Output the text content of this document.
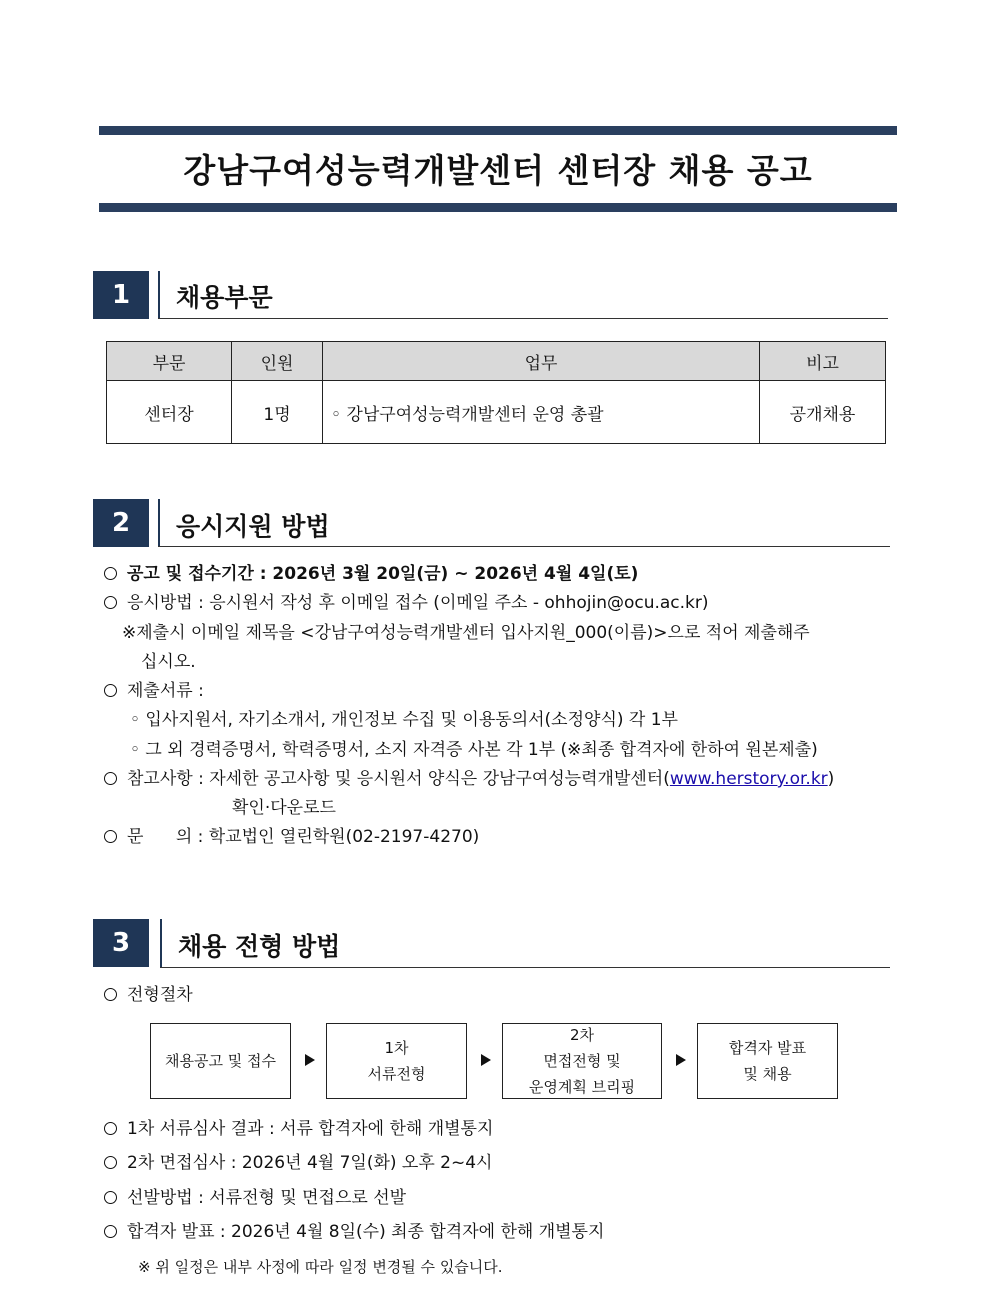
강남구여성능력개발센터 센터장 채용 공고
1	채용부문
부문	인원	업무	비고
센터장	1명	◦ 강남구여성능력개발센터 운영 총괄	공개채용
2	응시지원 방법
공고 및 접수기간 : 2026년 3월 20일(금) ~ 2026년 4월 4일(토)
응시방법 : 응시원서 작성 후 이메일 접수 (이메일 주소 - ohhojin@ocu.ac.kr)
※제출시 이메일 제목을 <강남구여성능력개발센터 입사지원_000(이름)>으로 적어 제출해주
십시오.
제출서류 :
◦ 입사지원서, 자기소개서, 개인정보 수집 및 이용동의서(소정양식) 각 1부
◦ 그 외 경력증명서, 학력증명서, 소지 자격증 사본 각 1부 (※최종 합격자에 한하여 원본제출)
참고사항 : 자세한 공고사항 및 응시원서 양식은 강남구여성능력개발센터(www.herstory.or.kr)
확인·다운로드
문      의 : 학교법인 열린학원(02-2197-4270)
3	채용 전형 방법
전형절차
채용공고 및 접수
1차
서류전형
2차
면접전형 및
운영계획 브리핑
합격자 발표
및 채용
1차 서류심사 결과 : 서류 합격자에 한해 개별통지
2차 면접심사 : 2026년 4월 7일(화) 오후 2~4시
선발방법 : 서류전형 및 면접으로 선발
합격자 발표 : 2026년 4월 8일(수) 최종 합격자에 한해 개별통지
※ 위 일정은 내부 사정에 따라 일정 변경될 수 있습니다.
